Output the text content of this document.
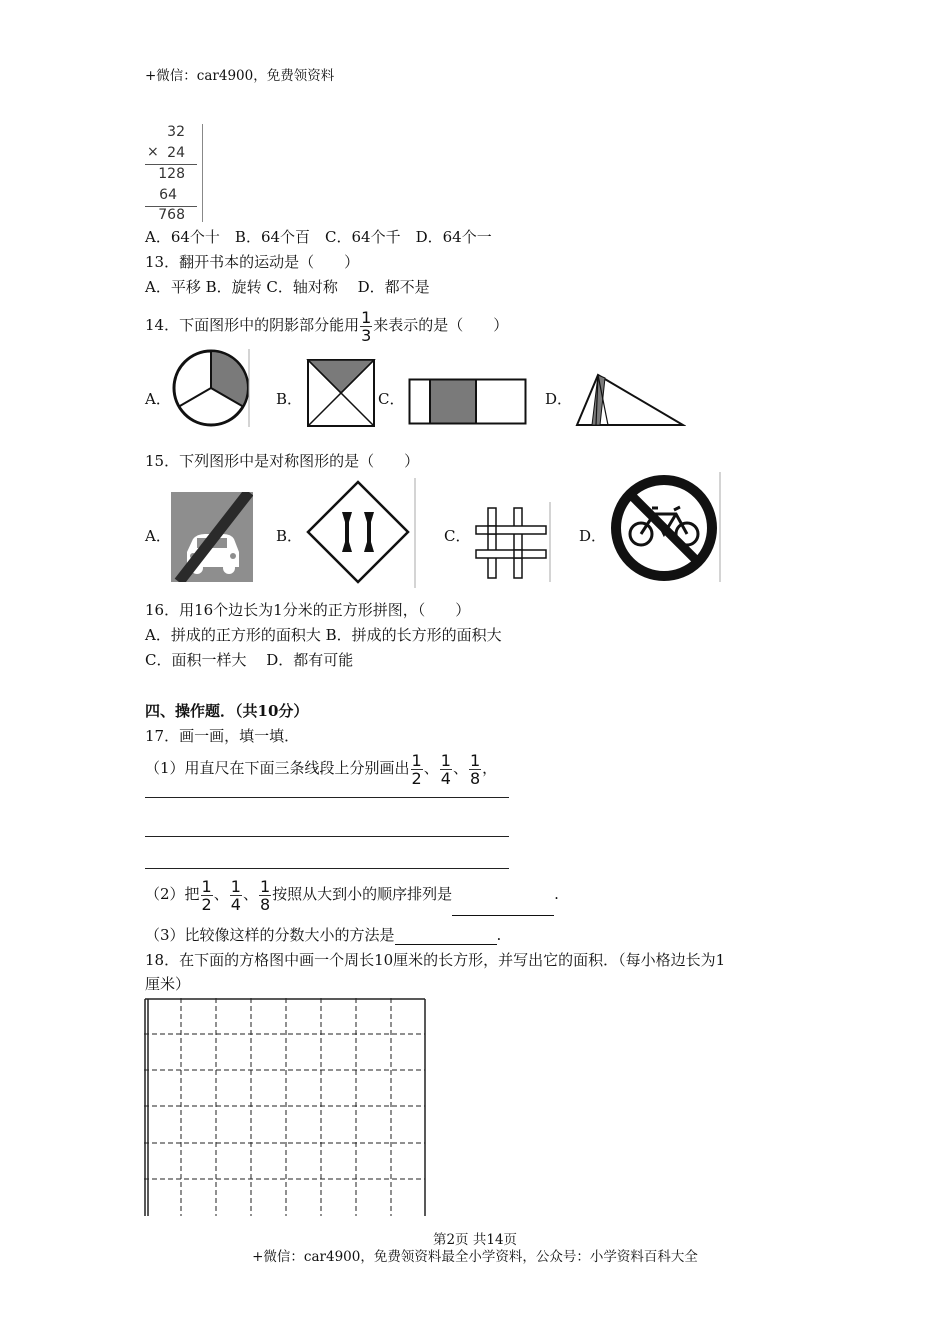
+微信：car4900，免费领资料
32
× 24
128
64
768
A．64个十　B．64个百　C．64个千　D．64个一
13．翻开书本的运动是（　　）
A．平移 B．旋转 C．轴对称　 D．都不是
14．下面图形中的阴影部分能用 $\frac{1}{3}$ 来表示的是（　　）
A．	B．	C．	D．
15．下列图形中是对称图形的是（　　）
A．	B．	C．	D．
16．用16个边长为1分米的正方形拼图，（　　）
A．拼成的正方形的面积大 B．拼成的长方形的面积大
C．面积一样大　 D．都有可能
四、操作题．（共10分）
17．画一画，填一填．
（1）用直尺在下面三条线段上分别画出 $\frac{1}{2}$ 、 $\frac{1}{4}$ 、 $\frac{1}{8}$ ，
（2）把 $\frac{1}{2}$ 、 $\frac{1}{4}$ 、 $\frac{1}{8}$ 按照从大到小的顺序排列是	.
（3）比较像这样的分数大小的方法是	.
18．在下面的方格图中画一个周长10厘米的长方形，并写出它的面积．（每小格边长为1
厘米）
第2页 共14页
+微信：car4900，免费领资料最全小学资料，公众号：小学资料百科大全
